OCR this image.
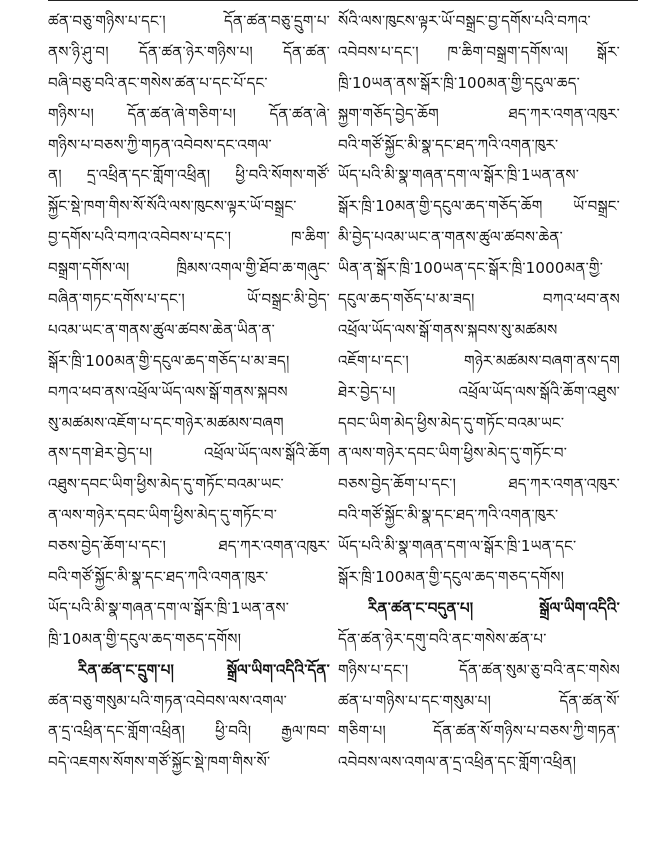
ཚན་བཅུ་གཉིས་པ་དང་། དོན་ཚན་བཅུ་དྲུག་པ་
ནས་ཉི་ཤུ་བ། དོན་ཚན་ཉེར་གཉིས་པ། དོན་ཚན་
བཞི་བཅུ་བའི་ནང་གསེས་ཚན་པ་དང་པོ་དང་
གཉིས་པ། དོན་ཚན་ཞེ་གཅིག་པ། དོན་ཚན་ཞེ་
གཉིས་པ་བཅས་ཀྱི་གཏན་འབེབས་དང་འགལ་
ན། དྲ་འཕྲིན་དང་གློག་འཕྲིན། ཕྱི་བའི་སོགས་གཙོ་
སྐྱོང་སྡེ་ཁག་གིས་སོ་སོའི་ལས་ཁུངས་ལྟར་ཡོ་བསྒྲང་
བྱ་དགོས་པའི་བཀའ་འབེབས་པ་དང་། ཁ་ཆིག་
བསྒྲག་དགོས་ལ། ཁྲིམས་འགལ་གྱི་ཐོབ་ཆ་གཞུང་
བཞིན་གཏང་དགོས་པ་དང་། ཡོ་བསྒྲང་མི་བྱེད་
པའམ་ཡང་ན་གནས་ཚུལ་ཚབས་ཆེན་ཡིན་ན་
སྒོར་ཁྲི་100མན་གྱི་དངུལ་ཆད་གཅོད་པ་མ་ཟད།
བཀའ་ཕབ་ནས་འཕྲོལ་ཡོད་ལས་སྒོ་གནས་སྐབས
སུ་མཚམས་འཇོག་པ་དང་གཉེར་མཚམས་བཞག
ནས་དག་ཐེར་བྱེད་པ། འཕྲོལ་ཡོད་ལས་སྒོའི་ཆོག
འཐུས་དབང་ཡིག་ཕྱིས་མེད་དུ་གཏོང་བའམ་ཡང་
ན་ལས་གཉེར་དབང་ཡིག་ཕྱིས་མེད་དུ་གཏོང་བ་
བཅས་བྱེད་ཆོག་པ་དང་། ཐད་ཀར་འགན་འཁུར་
བའི་གཙོ་སྐྱོང་མི་སྣ་དང་ཐད་ཀའི་འགན་ཁུར་
ཡོད་པའི་མི་སྣ་གཞན་དག་ལ་སྒོར་ཁྲི་1ཡན་ནས་
ཁྲི་10མན་གྱི་དངུལ་ཆད་གཅད་དགོས།
རིན་ཚན་ང་དྲུག་པ། སྒྲོལ་ཡིག་འདིའི་དོན་
ཚན་བཅུ་གསུམ་པའི་གཏན་འབེབས་ལས་འགལ་
ན་དྲ་འཕྲིན་དང་གློག་འཕྲིན། ཕྱི་བའི། རྒྱལ་ཁབ་
བདེ་འཇགས་སོགས་གཙོ་སྐྱོང་སྡེ་ཁག་གིས་སོ་
སོའི་ལས་ཁུངས་ལྟར་ཡོ་བསྒྲང་བྱ་དགོས་པའི་བཀའ་
འབེབས་པ་དང་། ཁ་ཆིག་བསྒྲག་དགོས་ལ། སྒོར་
ཁྲི་10ཡན་ནས་སྒོར་ཁྲི་100མན་གྱི་དངུལ་ཆད་
སྐྱག་གཅོད་བྱེད་ཆོག ཐད་ཀར་འགན་འཁུར་
བའི་གཙོ་སྐྱོང་མི་སྣ་དང་ཐད་ཀའི་འགན་ཁུར་
ཡོད་པའི་མི་སྣ་གཞན་དག་ལ་སྒོར་ཁྲི་1ཡན་ནས་
སྒོར་ཁྲི་10མན་གྱི་དངུལ་ཆད་གཅོད་ཆོག ཡོ་བསྒྲང་
མི་བྱེད་པའམ་ཡང་ན་གནས་ཚུལ་ཚབས་ཆེན་
ཡིན་ན་སྒོར་ཁྲི་100ཡན་དང་སྒོར་ཁྲི་1000མན་གྱི་
དངུལ་ཆད་གཅོད་པ་མ་ཟད། བཀའ་ཕབ་ནས
འཕྲོལ་ཡོད་ལས་སྒོ་གནས་སྐབས་སུ་མཚམས
འཇོག་པ་དང་། གཉེར་མཚམས་བཞག་ནས་དག
ཐེར་བྱེད་པ། འཕྲོལ་ཡོད་ལས་སྒོའི་ཆོག་འཐུས་
དབང་ཡིག་མེད་ཕྱིས་མེད་དུ་གཏོང་བའམ་ཡང་
ན་ལས་གཉེར་དབང་ཡིག་ཕྱིས་མེད་དུ་གཏོང་བ་
བཅས་བྱེད་ཆོག་པ་དང་། ཐད་ཀར་འགན་འཁུར་
བའི་གཙོ་སྐྱོང་མི་སྣ་དང་ཐད་ཀའི་འགན་ཁུར་
ཡོད་པའི་མི་སྣ་གཞན་དག་ལ་སྒོར་ཁྲི་1ཡན་དང་
སྒོར་ཁྲི་100མན་གྱི་དངུལ་ཆད་གཅད་དགོས།
རིན་ཚན་ང་བདུན་པ། སྒྲོལ་ཡིག་འདིའི་
དོན་ཚན་ཉེར་དགུ་བའི་ནང་གསེས་ཚན་པ་
གཉིས་པ་དང་། དོན་ཚན་སུམ་ཅུ་བའི་ནང་གསེས
ཚན་པ་གཉིས་པ་དང་གསུམ་པ། དོན་ཚན་སོ་
གཅིག་པ། དོན་ཚན་སོ་གཉིས་པ་བཅས་ཀྱི་གཏན་
འབེབས་ལས་འགལ་ན་དྲ་འཕྲིན་དང་གློག་འཕྲིན།
